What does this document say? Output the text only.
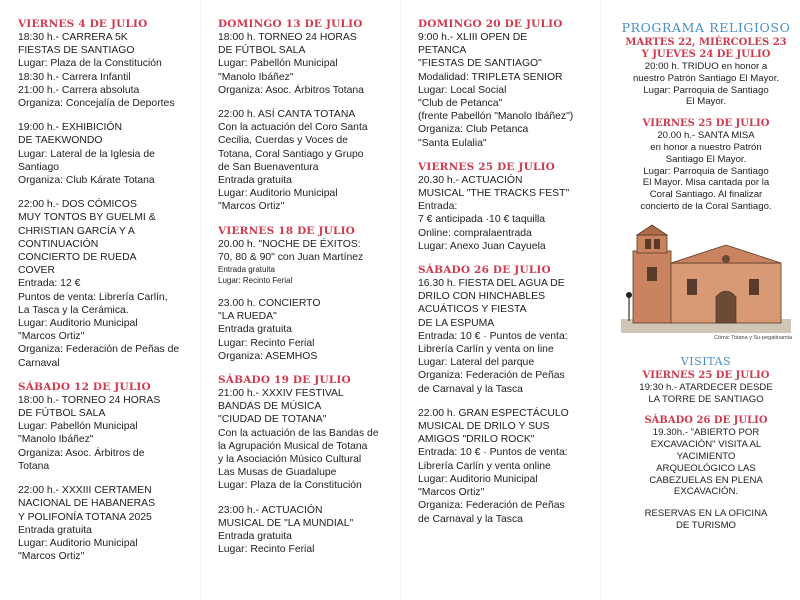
VIERNES 4 DE JULIO
18:30 h.- CARRERA 5K
FIESTAS DE SANTIAGO
Lugar: Plaza de la Constitución
18:30 h.- Carrera Infantil
21:00 h.- Carrera absoluta
Organiza: Concejalía de Deportes
19:00 h.- EXHIBICIÓN
DE TAEKWONDO
Lugar: Lateral de la Iglesia de
Santiago
Organiza: Club Kárate Totana
22:00 h.- DOS CÓMICOS
MUY TONTOS BY GUELMI &
CHRISTIAN GARCÍA Y A
CONTINUACIÓN
CONCIERTO DE RUEDA
COVER
Entrada: 12 €
Puntos de venta: Librería Carlín,
La Tasca y la Cerámica.
Lugar: Auditorio Municipal
"Marcos Ortiz"
Organiza: Federación de Peñas de
Carnaval
SÁBADO 12 DE JULIO
18:00 h.- TORNEO 24 HORAS
DE FÚTBOL SALA
Lugar: Pabellón Municipal
"Manolo Ibáñez"
Organiza: Asoc. Árbitros de
Totana
22:00 h.- XXXIII CERTAMEN
NACIONAL DE HABANERAS
Y POLIFONÍA TOTANA 2025
Entrada gratuita
Lugar: Auditorio Municipal
"Marcos Ortiz"
DOMINGO 13 DE JULIO
18:00 h. TORNEO 24 HORAS
DE FÚTBOL SALA
Lugar: Pabellón Municipal
"Manolo Ibáñez"
Organiza: Asoc. Árbitros Totana
22:00 h. ASÍ CANTA TOTANA
Con la actuación del Coro Santa
Cecilia, Cuerdas y Voces de
Totana, Coral Santiago y Grupo
de San Buenaventura
Entrada gratuita
Lugar: Auditorio Municipal
"Marcos Ortiz"
VIERNES 18 DE JULIO
20.00 h. "NOCHE DE ÉXITOS:
70, 80 & 90" con Juan Martínez
Entrada gratuita
Lugar: Recinto Ferial
23.00 h. CONCIERTO
"LA RUEDA"
Entrada gratuita
Lugar: Recinto Ferial
Organiza: ASEMHOS
SÁBADO 19 DE JULIO
21:00 h.- XXXIV FESTIVAL
BANDAS DE MÚSICA
"CIUDAD DE TOTANA"
Con la actuación de las Bandas de
la Agrupación Musical de Totana
y la Asociación Músico Cultural
Las Musas de Guadalupe
Lugar: Plaza de la Constitución
23:00 h.- ACTUACIÓN
MUSICAL DE "LA MUNDIAL"
Entrada gratuita
Lugar: Recinto Ferial
DOMINGO 20 DE JULIO
9:00 h.- XLIII OPEN DE
PETANCA
"FIESTAS DE SANTIAGO"
Modalidad: TRIPLETA SENIOR
Lugar: Local Social
"Club de Petanca"
(frente Pabellón "Manolo Ibáñez")
Organiza: Club Petanca
"Santa Eulalia"
VIERNES 25 DE JULIO
20.30 h.- ACTUACIÓN
MUSICAL "THE TRACKS FEST"
Entrada:
7 € anticipada ·10 € taquilla
Online: compralaentrada
Lugar: Anexo Juan Cayuela
SÁBADO 26 DE JULIO
16.30 h. FIESTA DEL AGUA DE
DRILO CON HINCHABLES
ACUÁTICOS Y FIESTA
DE LA ESPUMA
Entrada: 10 € · Puntos de venta:
Librería Carlín y venta on line
Lugar: Lateral del parque
Organiza: Federación de Peñas
de Carnaval y la Tasca
22.00 h. GRAN ESPECTÁCULO
MUSICAL DE DRILO Y SUS
AMIGOS "DRILO ROCK"
Entrada: 10 € · Puntos de venta:
Librería Carlín y venta online
Lugar: Auditorio Municipal
"Marcos Ortiz"
Organiza: Federación de Peñas
de Carnaval y la Tasca
PROGRAMA RELIGIOSO
MARTES 22, MIÉRCOLES 23
Y JUEVES 24 DE JULIO
20:00 h. TRIDUO en honor a
nuestro Patrón Santiago El Mayor.
Lugar: Parroquia de Santiago
El Mayor.
VIERNES 25 DE JULIO
20.00 h.- SANTA MISA
en honor a nuestro Patrón
Santiago El Mayor.
Lugar: Parroquia de Santiago
El Mayor. Misa cantada por la
Coral Santiago. Al finalizar
concierto de la Coral Santiago.
Cómic Totana y Su-pegatinamia
VISITAS
VIERNES 25 DE JULIO
19:30 h.- ATARDECER DESDE
LA TORRE DE SANTIAGO
SÁBADO 26 DE JULIO
19.30h.- "ABIERTO POR
EXCAVACIÓN" VISITA AL
YACIMIENTO
ARQUEOLÓGICO LAS
CABEZUELAS EN PLENA
EXCAVACIÓN.
RESERVAS EN LA OFICINA
DE TURISMO
